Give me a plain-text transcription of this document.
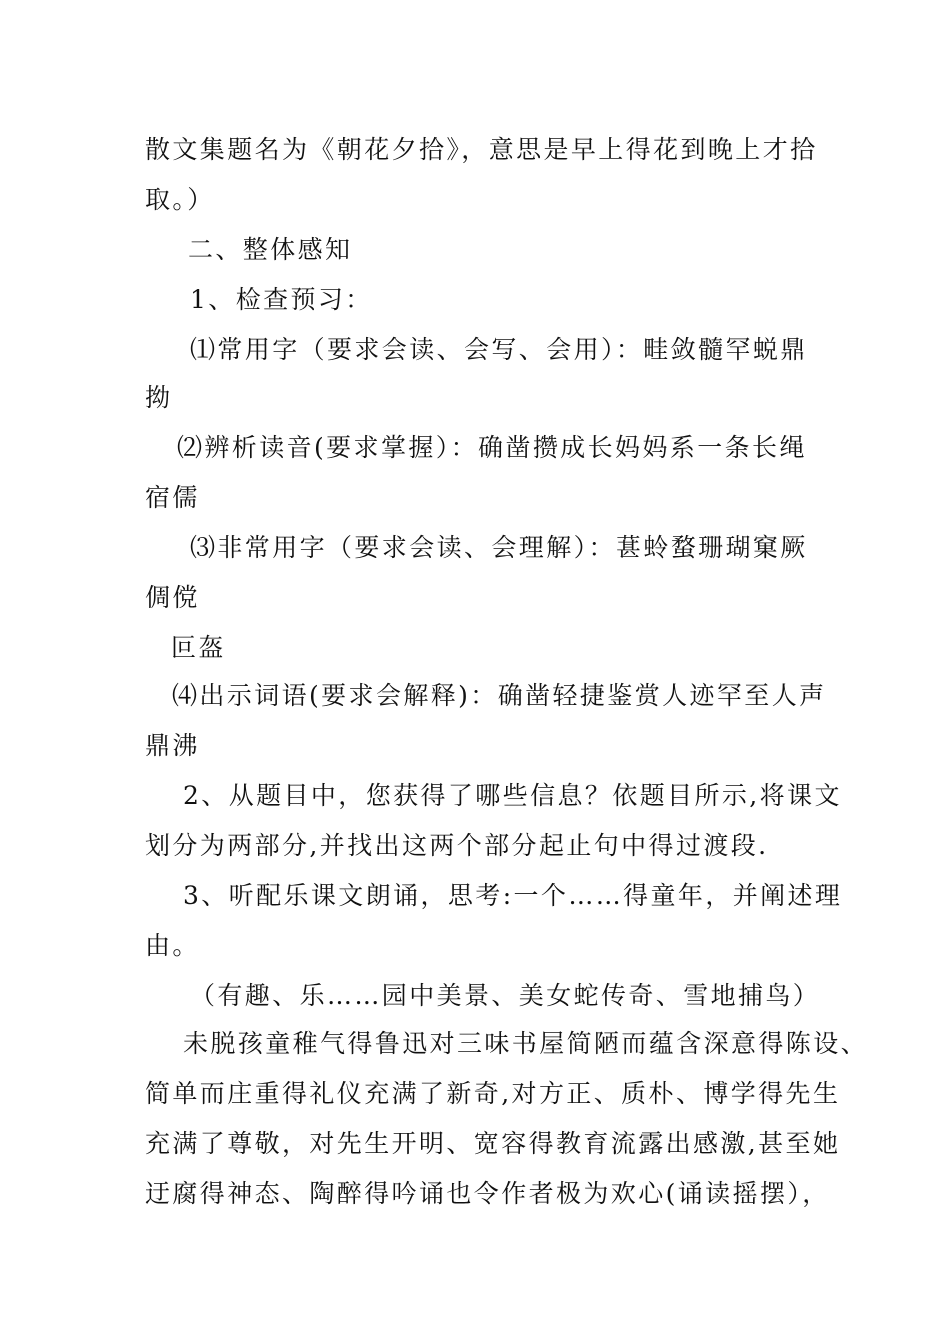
散文集题名为《朝花夕拾》，意思是早上得花到晚上才拾

取。）

二、整体感知

1、检查预习：

⑴常用字（要求会读、会写、会用）：畦敛髓罕蜕鼎

拗

⑵辨析读音(要求掌握）：确凿攒成长妈妈系一条长绳

宿儒

⑶非常用字（要求会读、会理解）：葚蛉蝥珊瑚窠厥

倜傥

叵盔

⑷出示词语(要求会解释)：确凿轻捷鉴赏人迹罕至人声

鼎沸

2、从题目中，您获得了哪些信息？依题目所示,将课文

划分为两部分,并找出这两个部分起止句中得过渡段.

3、听配乐课文朗诵，思考:一个……得童年，并阐述理

由。

（有趣、乐……园中美景、美女蛇传奇、雪地捕鸟）

未脱孩童稚气得鲁迅对三味书屋简陋而蕴含深意得陈设、

简单而庄重得礼仪充满了新奇,对方正、质朴、博学得先生

充满了尊敬，对先生开明、宽容得教育流露出感激,甚至她

迂腐得神态、陶醉得吟诵也令作者极为欢心(诵读摇摆），
